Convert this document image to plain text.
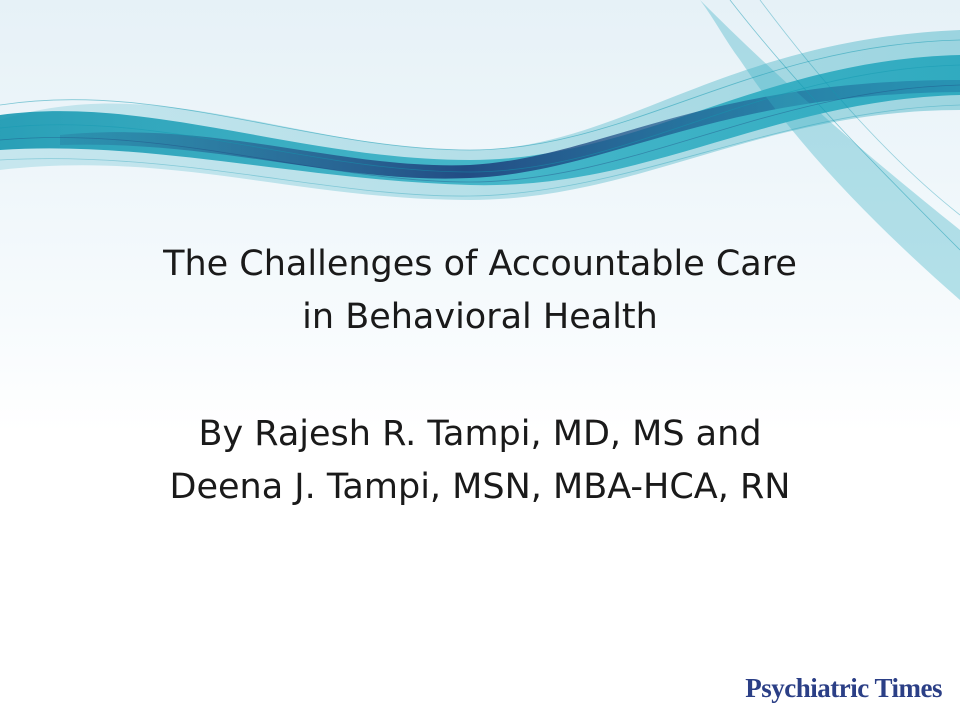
The Challenges of Accountable Care
in Behavioral Health
By Rajesh R. Tampi, MD, MS and
Deena J. Tampi, MSN, MBA-HCA, RN
Psychiatric Times
